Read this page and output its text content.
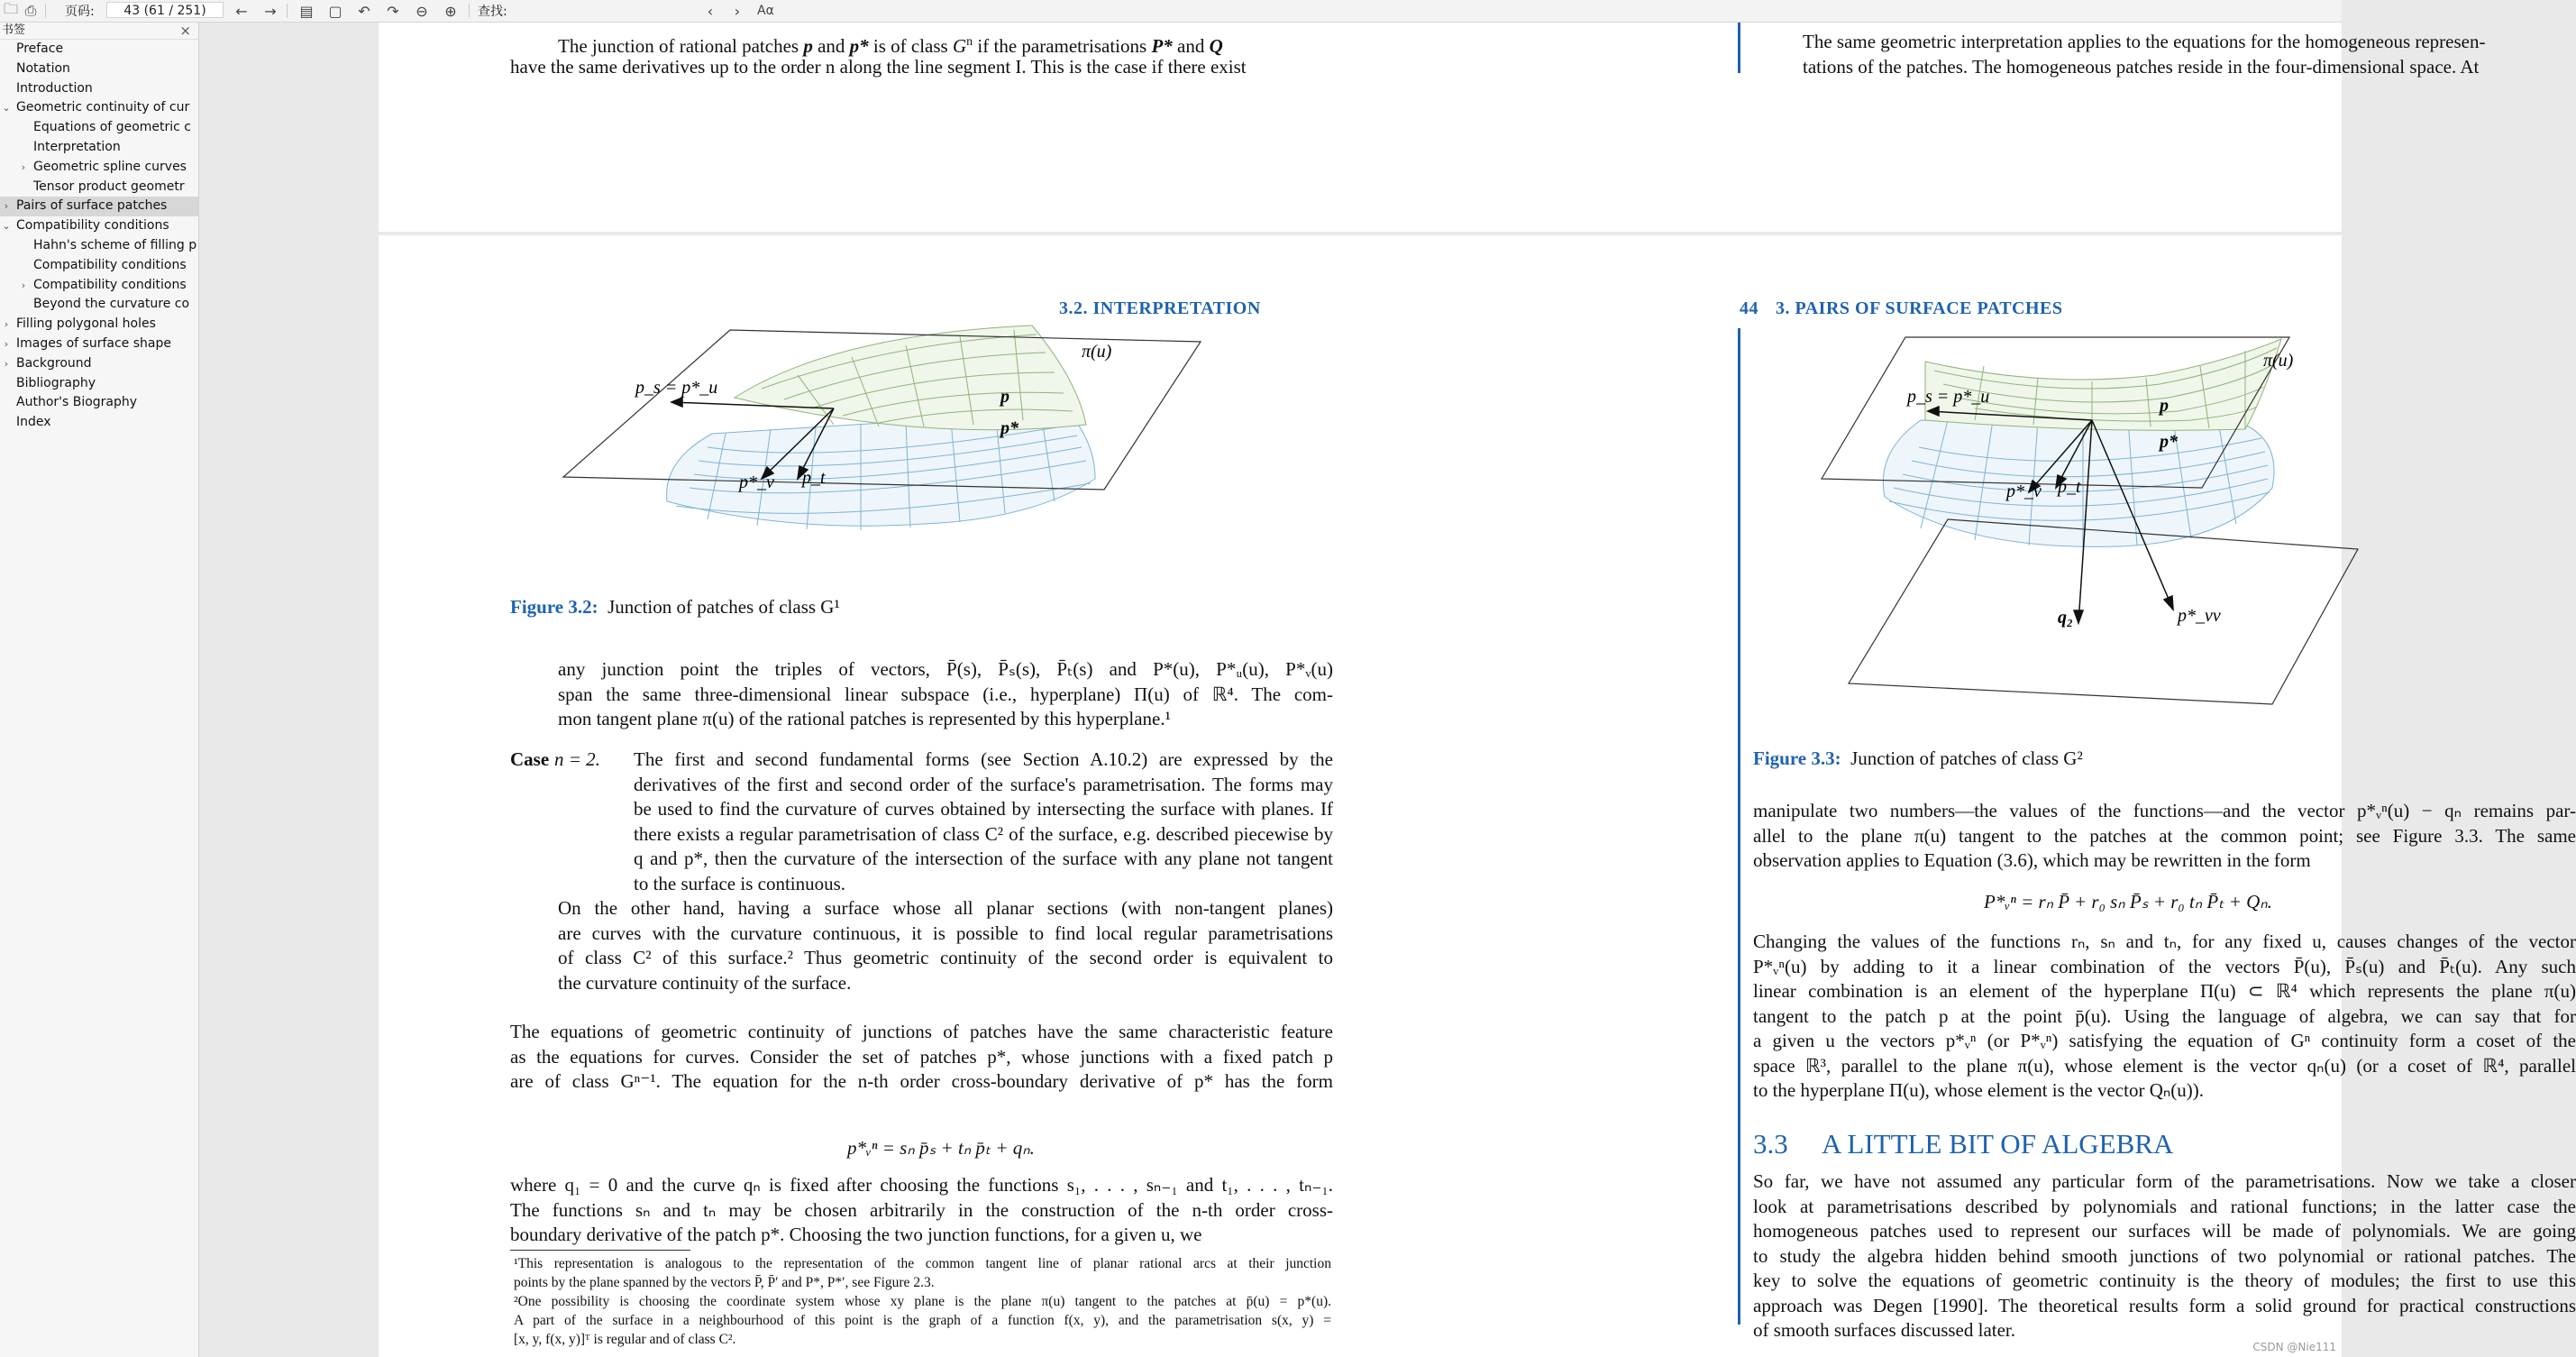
🗀 ⎙ 页码:	43 (61 / 251)	← → ▤ ▢ ↶ ↷ ⊖ ⊕ 查找:	‹	›	Aα
书签	×
Preface
Notation
Introduction
⌄ Geometric continuity of cur
Equations of geometric c
Interpretation
› Geometric spline curves
Tensor product geometr
› Pairs of surface patches
⌄ Compatibility conditions
Hahn's scheme of filling p
Compatibility conditions
› Compatibility conditions
Beyond the curvature co
› Filling polygonal holes
› Images of surface shape
› Background
Bibliography
Author's Biography
Index
The junction of rational patches p and p* is of class $G^n$ if the parametrisations P* and Q
have the same derivatives up to the order n along the line segment I. This is the case if there exist
The same geometric interpretation applies to the equations for the homogeneous represen-
tations of the patches. The homogeneous patches reside in the four-dimensional space. At
3.2. INTERPRETATION
π(u)
p_s = p*_u	p
p*
p*_v p_t
Figure 3.2: Junction of patches of class G¹
any junction point the triples of vectors, P̄(s), P̄ₛ(s), P̄ₜ(s) and P*(u), P*ᵤ(u), P*ᵥ(u)
span the same three-dimensional linear subspace (i.e., hyperplane) Π(u) of ℝ⁴. The com-
mon tangent plane π(u) of the rational patches is represented by this hyperplane.¹
Case n = 2. The first and second fundamental forms (see Section A.10.2) are expressed by the
derivatives of the first and second order of the surface's parametrisation. The forms may
be used to find the curvature of curves obtained by intersecting the surface with planes. If
there exists a regular parametrisation of class C² of the surface, e.g. described piecewise by
q and p*, then the curvature of the intersection of the surface with any plane not tangent
to the surface is continuous.
On the other hand, having a surface whose all planar sections (with non-tangent planes)
are curves with the curvature continuous, it is possible to find local regular parametrisations
of class C² of this surface.² Thus geometric continuity of the second order is equivalent to
the curvature continuity of the surface.
The equations of geometric continuity of junctions of patches have the same characteristic feature
as the equations for curves. Consider the set of patches p*, whose junctions with a fixed patch p
are of class Gⁿ⁻¹. The equation for the n-th order cross-boundary derivative of p* has the form
p*ᵥⁿ = sₙ p̄ₛ + tₙ p̄ₜ + qₙ.
where q₁ = 0 and the curve qₙ is fixed after choosing the functions s₁, . . . , sₙ₋₁ and t₁, . . . , tₙ₋₁.
The functions sₙ and tₙ may be chosen arbitrarily in the construction of the n-th order cross-
boundary derivative of the patch p*. Choosing the two junction functions, for a given u, we
¹This representation is analogous to the representation of the common tangent line of planar rational arcs at their junction
points by the plane spanned by the vectors P̄, P̄′ and P*, P*′, see Figure 2.3.
²One possibility is choosing the coordinate system whose xy plane is the plane π(u) tangent to the patches at p̄(u) = p*(u).
A part of the surface in a neighbourhood of this point is the graph of a function f(x, y), and the parametrisation s(x, y) =
[x, y, f(x, y)]ᵀ is regular and of class C².
44 3. PAIRS OF SURFACE PATCHES
π(u)
p_s = p*_u	p
p*
p*_v p_t
q₂	p*_vv
Figure 3.3: Junction of patches of class G²
manipulate two numbers—the values of the functions—and the vector p*ᵥⁿ(u) − qₙ remains par-
allel to the plane π(u) tangent to the patches at the common point; see Figure 3.3. The same
observation applies to Equation (3.6), which may be rewritten in the form
P*ᵥⁿ = rₙ P̄ + r₀ sₙ P̄ₛ + r₀ tₙ P̄ₜ + Qₙ.
Changing the values of the functions rₙ, sₙ and tₙ, for any fixed u, causes changes of the vector
P*ᵥⁿ(u) by adding to it a linear combination of the vectors P̄(u), P̄ₛ(u) and P̄ₜ(u). Any such
linear combination is an element of the hyperplane Π(u) ⊂ ℝ⁴ which represents the plane π(u)
tangent to the patch p at the point p̄(u). Using the language of algebra, we can say that for
a given u the vectors p*ᵥⁿ (or P*ᵥⁿ) satisfying the equation of Gⁿ continuity form a coset of the
space ℝ³, parallel to the plane π(u), whose element is the vector qₙ(u) (or a coset of ℝ⁴, parallel
to the hyperplane Π(u), whose element is the vector Qₙ(u)).
3.3 A LITTLE BIT OF ALGEBRA
So far, we have not assumed any particular form of the parametrisations. Now we take a closer
look at parametrisations described by polynomials and rational functions; in the latter case the
homogeneous patches used to represent our surfaces will be made of polynomials. We are going
to study the algebra hidden behind smooth junctions of two polynomial or rational patches. The
key to solve the equations of geometric continuity is the theory of modules; the first to use this
approach was Degen [1990]. The theoretical results form a solid ground for practical constructions
of smooth surfaces discussed later.
CSDN @Nie111
